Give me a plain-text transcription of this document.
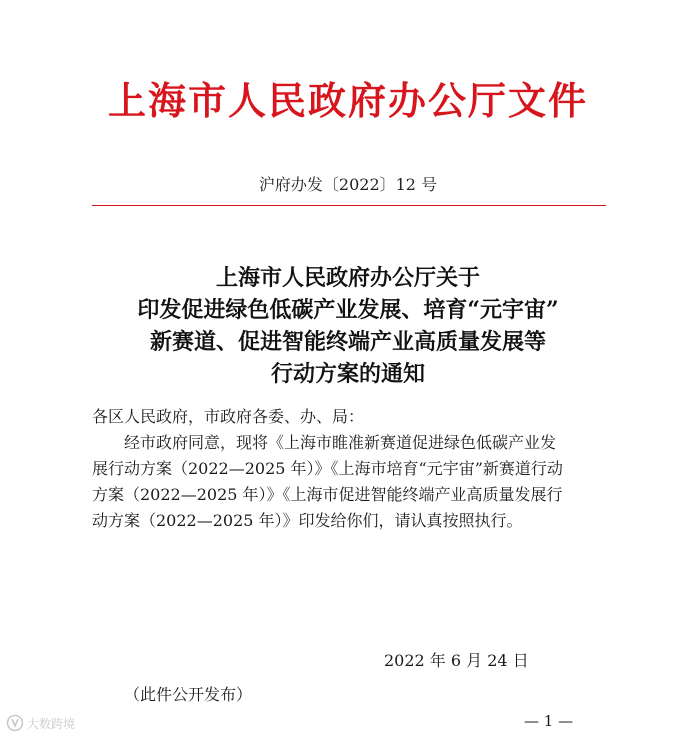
上海市人民政府办公厅文件
沪府办发〔2022〕12 号
上海市人民政府办公厅关于
印发促进绿色低碳产业发展、培育“元宇宙”
新赛道、促进智能终端产业高质量发展等
行动方案的通知
各区人民政府，市政府各委、办、局：
经市政府同意，现将《上海市睢准新赛道促进绿色低碳产业发
展行动方案（2022—2025 年）》《上海市培育“元宇宙”新赛道行动
方案（2022—2025 年）》《上海市促进智能终端产业高质量发展行
动方案（2022—2025 年）》印发给你们，请认真按照执行。
2022 年 6 月 24 日
（此件公开发布）
— 1 —
大数跨境
